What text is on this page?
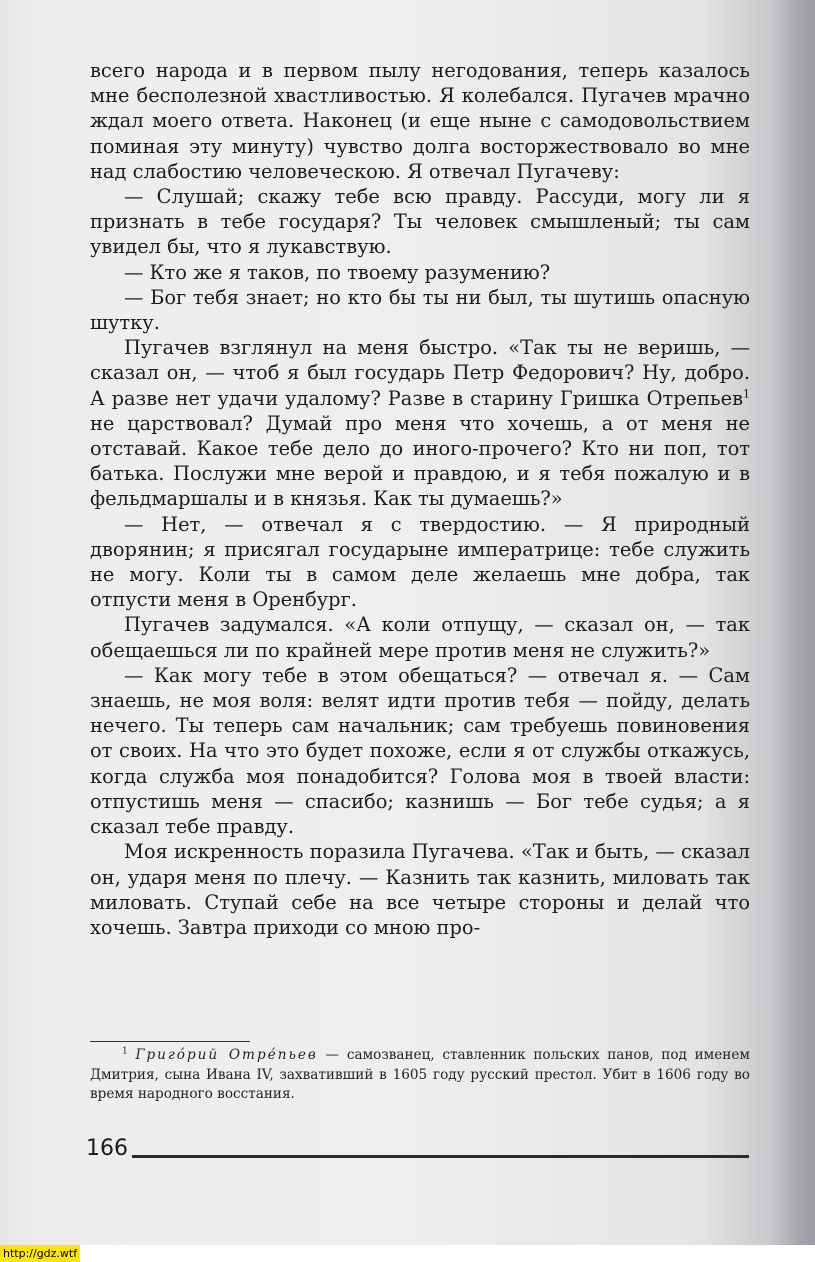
всего народа и в первом пылу негодования, теперь казалось мне бесполезной хвастливостью. Я колебался. Пугачев мрачно ждал моего ответа. Наконец (и еще ныне с самодовольствием поминая эту минуту) чувство долга восторжествовало во мне над слабостию человеческою. Я отвечал Пугачеву:

— Слушай; скажу тебе всю правду. Рассуди, могу ли я признать в тебе государя? Ты человек смышленый; ты сам увидел бы, что я лукавствую.

— Кто же я таков, по твоему разумению?

— Бог тебя знает; но кто бы ты ни был, ты шутишь опасную шутку.

Пугачев взглянул на меня быстро. «Так ты не веришь, — сказал он, — чтоб я был государь Петр Федорович? Ну, добро. А разве нет удачи удалому? Разве в старину Гришка Отрепьев$^1$ не царствовал? Думай про меня что хочешь, а от меня не отставай. Какое тебе дело до иного-прочего? Кто ни поп, тот батька. Послужи мне верой и правдою, и я тебя пожалую и в фельдмаршалы и в князья. Как ты думаешь?»

— Нет, — отвечал я с твердостию. — Я природный дворянин; я присягал государыне императрице: тебе служить не могу. Коли ты в самом деле желаешь мне добра, так отпусти меня в Оренбург.

Пугачев задумался. «А коли отпущу, — сказал он, — так обещаешься ли по крайней мере против меня не служить?»

— Как могу тебе в этом обещаться? — отвечал я. — Сам знаешь, не моя воля: велят идти против тебя — пойду, делать нечего. Ты теперь сам начальник; сам требуешь повиновения от своих. На что это будет похоже, если я от службы откажусь, когда служба моя понадобится? Голова моя в твоей власти: отпустишь меня — спасибо; казнишь — Бог тебе судья; а я сказал тебе правду.

Моя искренность поразила Пугачева. «Так и быть, — сказал он, ударя меня по плечу. — Казнить так казнить, миловать так миловать. Ступай себе на все четыре стороны и делай что хочешь. Завтра приходи со мною про-

$^1$ Григóрий Отрéпьев — самозванец, ставленник польских панов, под именем Дмитрия, сына Ивана IV, захвативший в 1605 году русский престол. Убит в 1606 году во время народного восстания.
166
http://gdz.wtf
